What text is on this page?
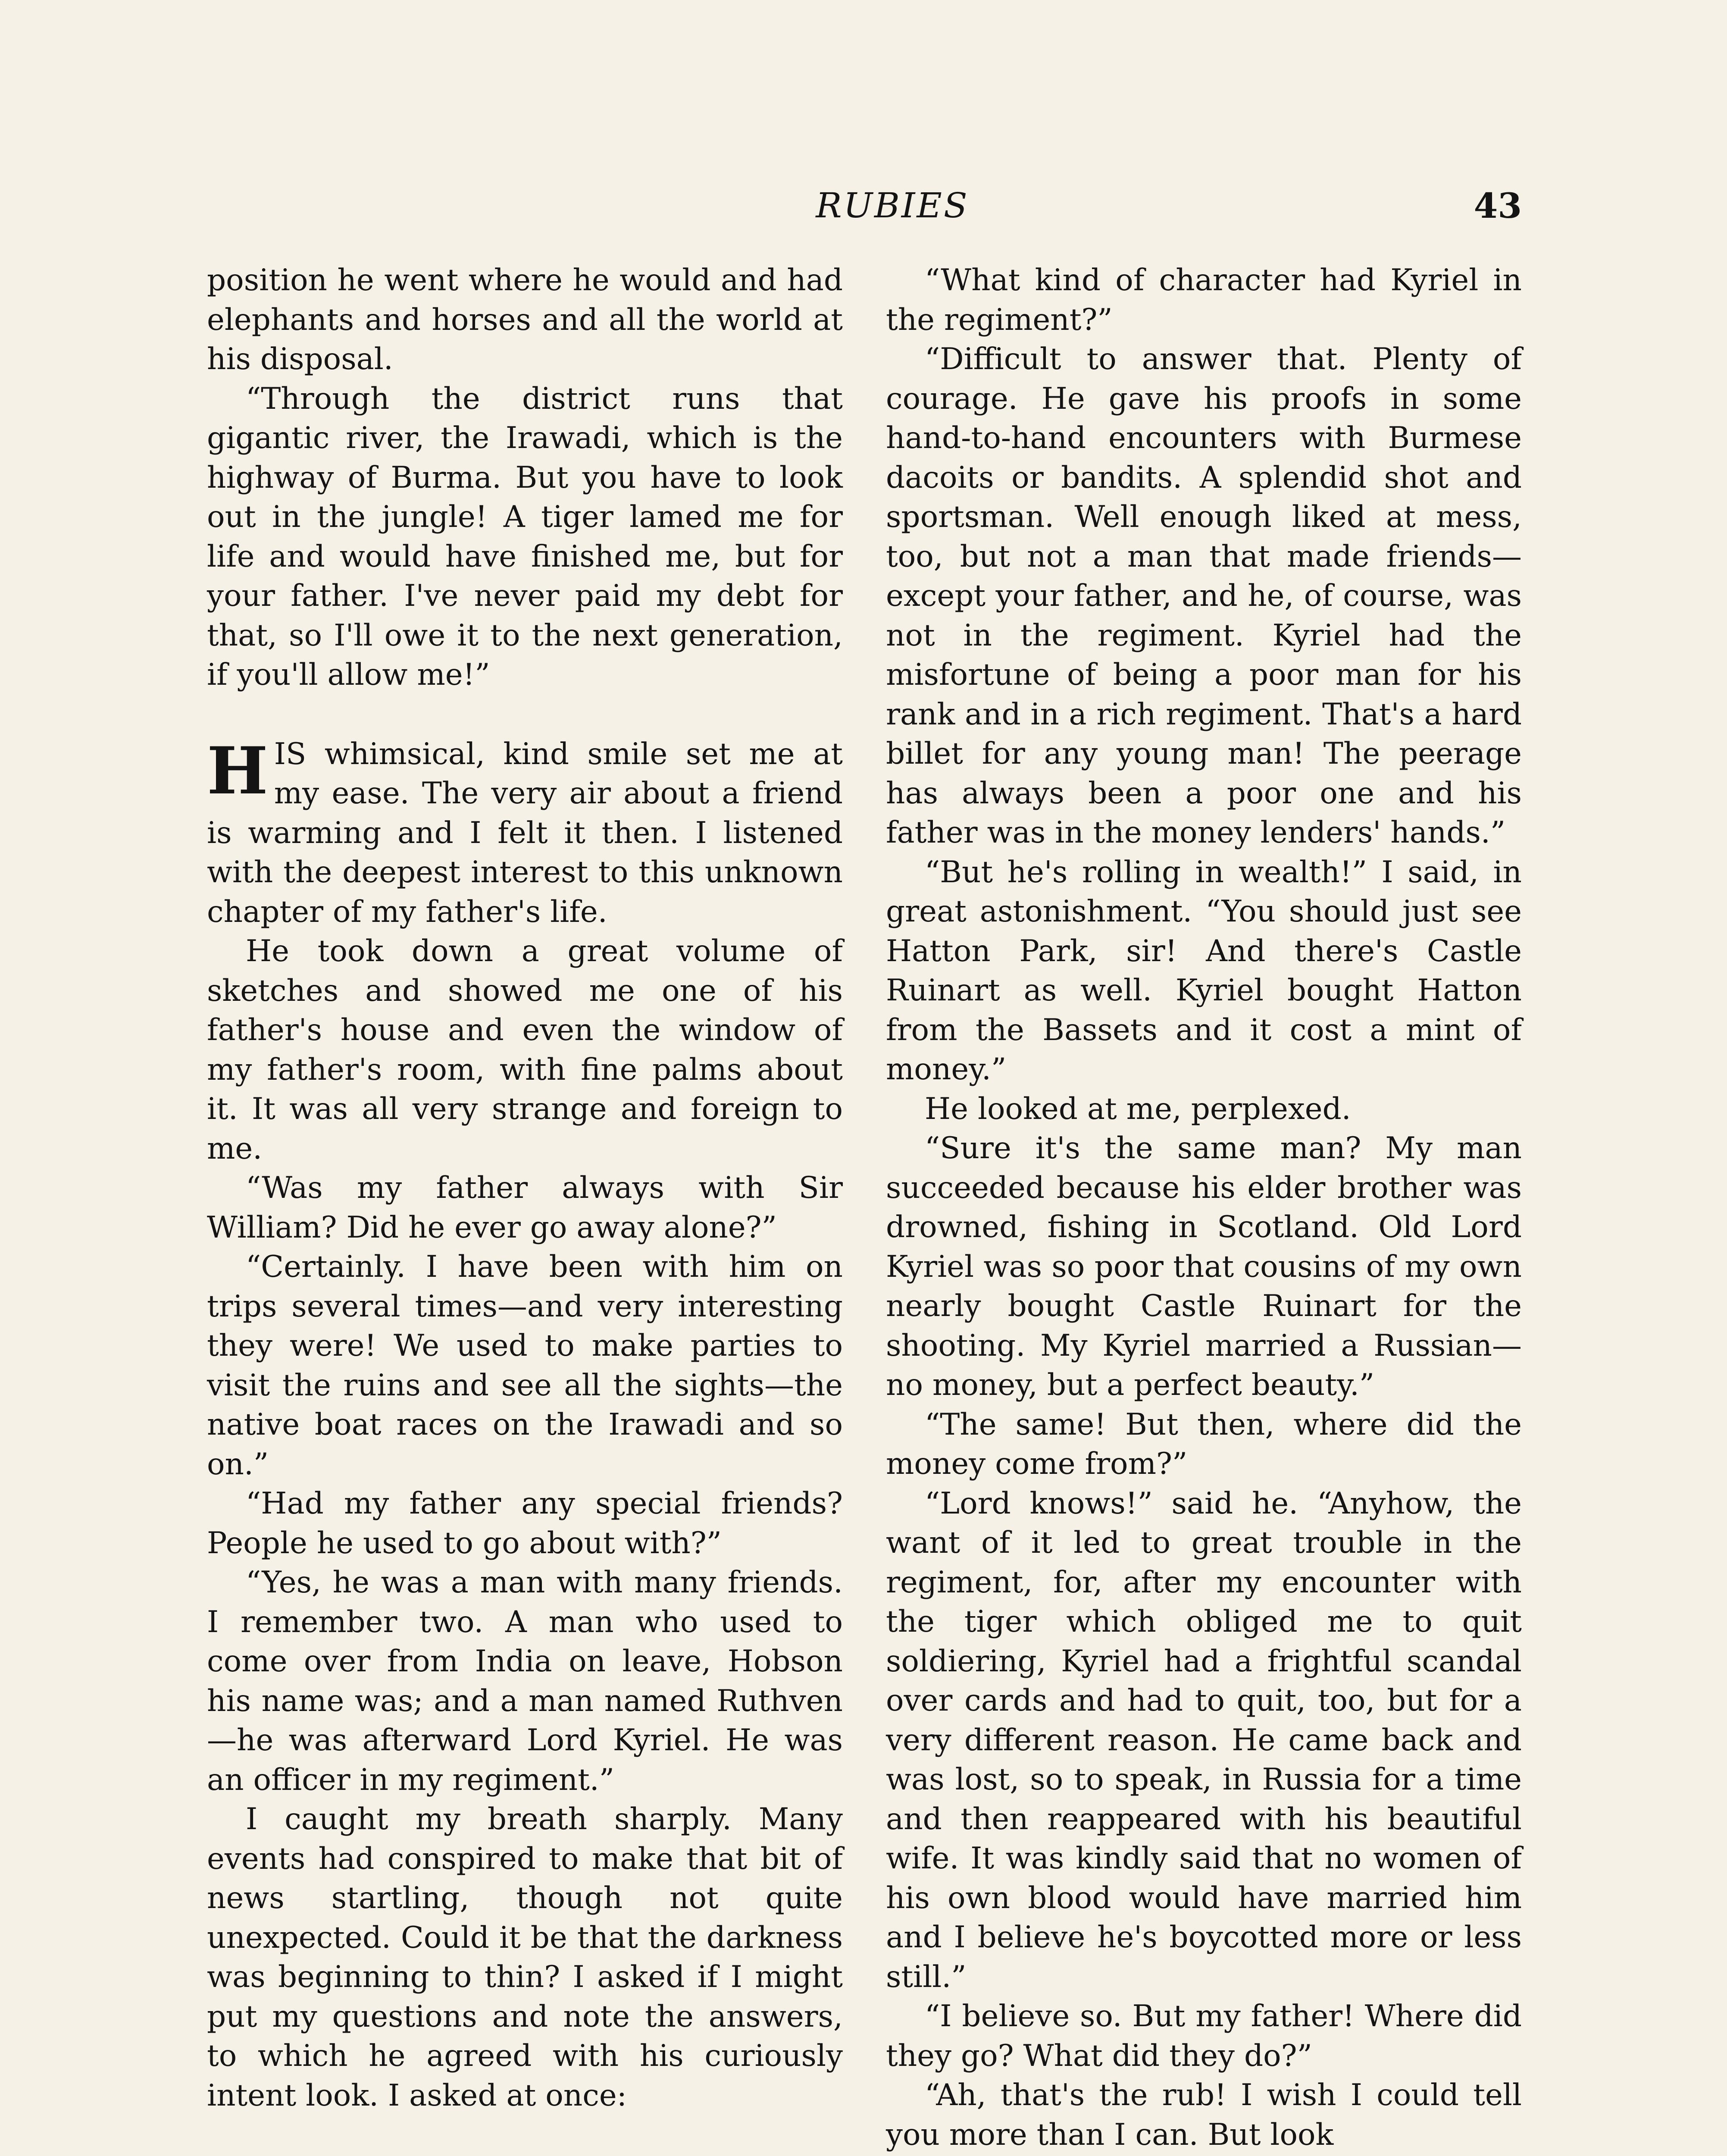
RUBIES	43

position he went where he would and had elephants and horses and all the world at his disposal.

“Through the district runs that gigantic river, the Irawadi, which is the highway of Burma. But you have to look out in the jungle! A tiger lamed me for life and would have finished me, but for your father. I've never paid my debt for that, so I'll owe it to the next generation, if you'll allow me!”

HIS whimsical, kind smile set me at my ease. The very air about a friend is warming and I felt it then. I listened with the deepest interest to this unknown chapter of my father's life.

He took down a great volume of sketches and showed me one of his father's house and even the window of my father's room, with fine palms about it. It was all very strange and foreign to me.

“Was my father always with Sir William? Did he ever go away alone?”

“Certainly. I have been with him on trips several times—and very interesting they were! We used to make parties to visit the ruins and see all the sights—the native boat races on the Irawadi and so on.”

“Had my father any special friends? People he used to go about with?”

“Yes, he was a man with many friends. I remember two. A man who used to come over from India on leave, Hobson his name was; and a man named Ruthven—he was afterward Lord Kyriel. He was an officer in my regiment.”

I caught my breath sharply. Many events had conspired to make that bit of news startling, though not quite unexpected. Could it be that the darkness was beginning to thin? I asked if I might put my questions and note the answers, to which he agreed with his curiously intent look. I asked at once:

“What kind of character had Kyriel in the regiment?”

“Difficult to answer that. Plenty of courage. He gave his proofs in some hand-to-hand encounters with Burmese dacoits or bandits. A splendid shot and sportsman. Well enough liked at mess, too, but not a man that made friends—except your father, and he, of course, was not in the regiment. Kyriel had the misfortune of being a poor man for his rank and in a rich regiment. That's a hard billet for any young man! The peerage has always been a poor one and his father was in the money lenders' hands.”

“But he's rolling in wealth!” I said, in great astonishment. “You should just see Hatton Park, sir! And there's Castle Ruinart as well. Kyriel bought Hatton from the Bassets and it cost a mint of money.”

He looked at me, perplexed.

“Sure it's the same man? My man succeeded because his elder brother was drowned, fishing in Scotland. Old Lord Kyriel was so poor that cousins of my own nearly bought Castle Ruinart for the shooting. My Kyriel married a Russian—no money, but a perfect beauty.”

“The same! But then, where did the money come from?”

“Lord knows!” said he. “Anyhow, the want of it led to great trouble in the regiment, for, after my encounter with the tiger which obliged me to quit soldiering, Kyriel had a frightful scandal over cards and had to quit, too, but for a very different reason. He came back and was lost, so to speak, in Russia for a time and then reappeared with his beautiful wife. It was kindly said that no women of his own blood would have married him and I believe he's boycotted more or less still.”

“I believe so. But my father! Where did they go? What did they do?”

“Ah, that's the rub! I wish I could tell you more than I can. But look
